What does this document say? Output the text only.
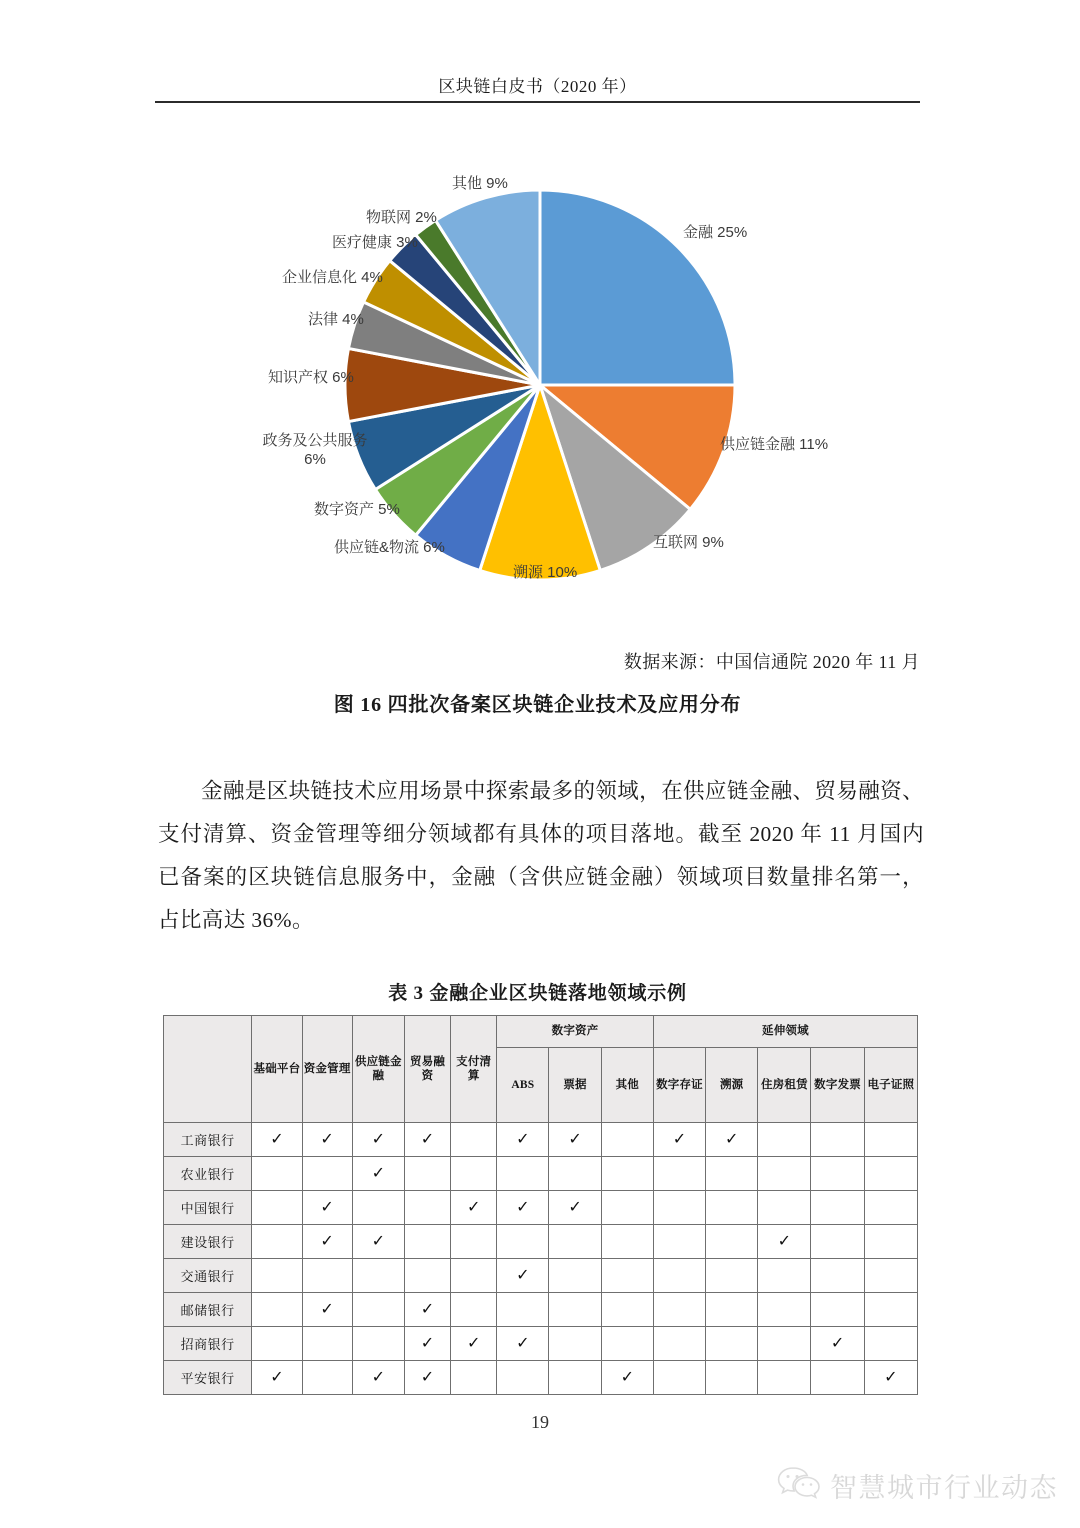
区块链白皮书（2020 年）
其他 9%
物联网 2%
医疗健康 3%
企业信息化 4%
法律 4%
知识产权 6%
政务及公共服务 6%
数字资产 5%
供应链&物流 6%
溯源 10%
互联网 9%
供应链金融 11%
金融 25%
数据来源：中国信通院 2020 年 11 月
图 16 四批次备案区块链企业技术及应用分布

金融是区块链技术应用场景中探索最多的领域，在供应链金融、贸易融资、支付清算、资金管理等细分领域都有具体的项目落地。截至 2020 年 11 月国内已备案的区块链信息服务中，金融（含供应链金融）领域项目数量排名第一，占比高达 36%。

表 3 金融企业区块链落地领域示例
	基础平台	资金管理	供应链金融	贸易融资	支付清算	数字资产			延伸领域				
						ABS	票据	其他	数字存证	溯源	住房租赁	数字发票	电子证照
工商银行	✓	✓	✓	✓		✓	✓		✓	✓			
农业银行			✓										
中国银行		✓			✓	✓	✓						
建设银行		✓	✓								✓		
交通银行						✓							
邮储银行		✓		✓									
招商银行				✓	✓	✓						✓	
平安银行	✓		✓	✓				✓					✓
19
智慧城市行业动态
